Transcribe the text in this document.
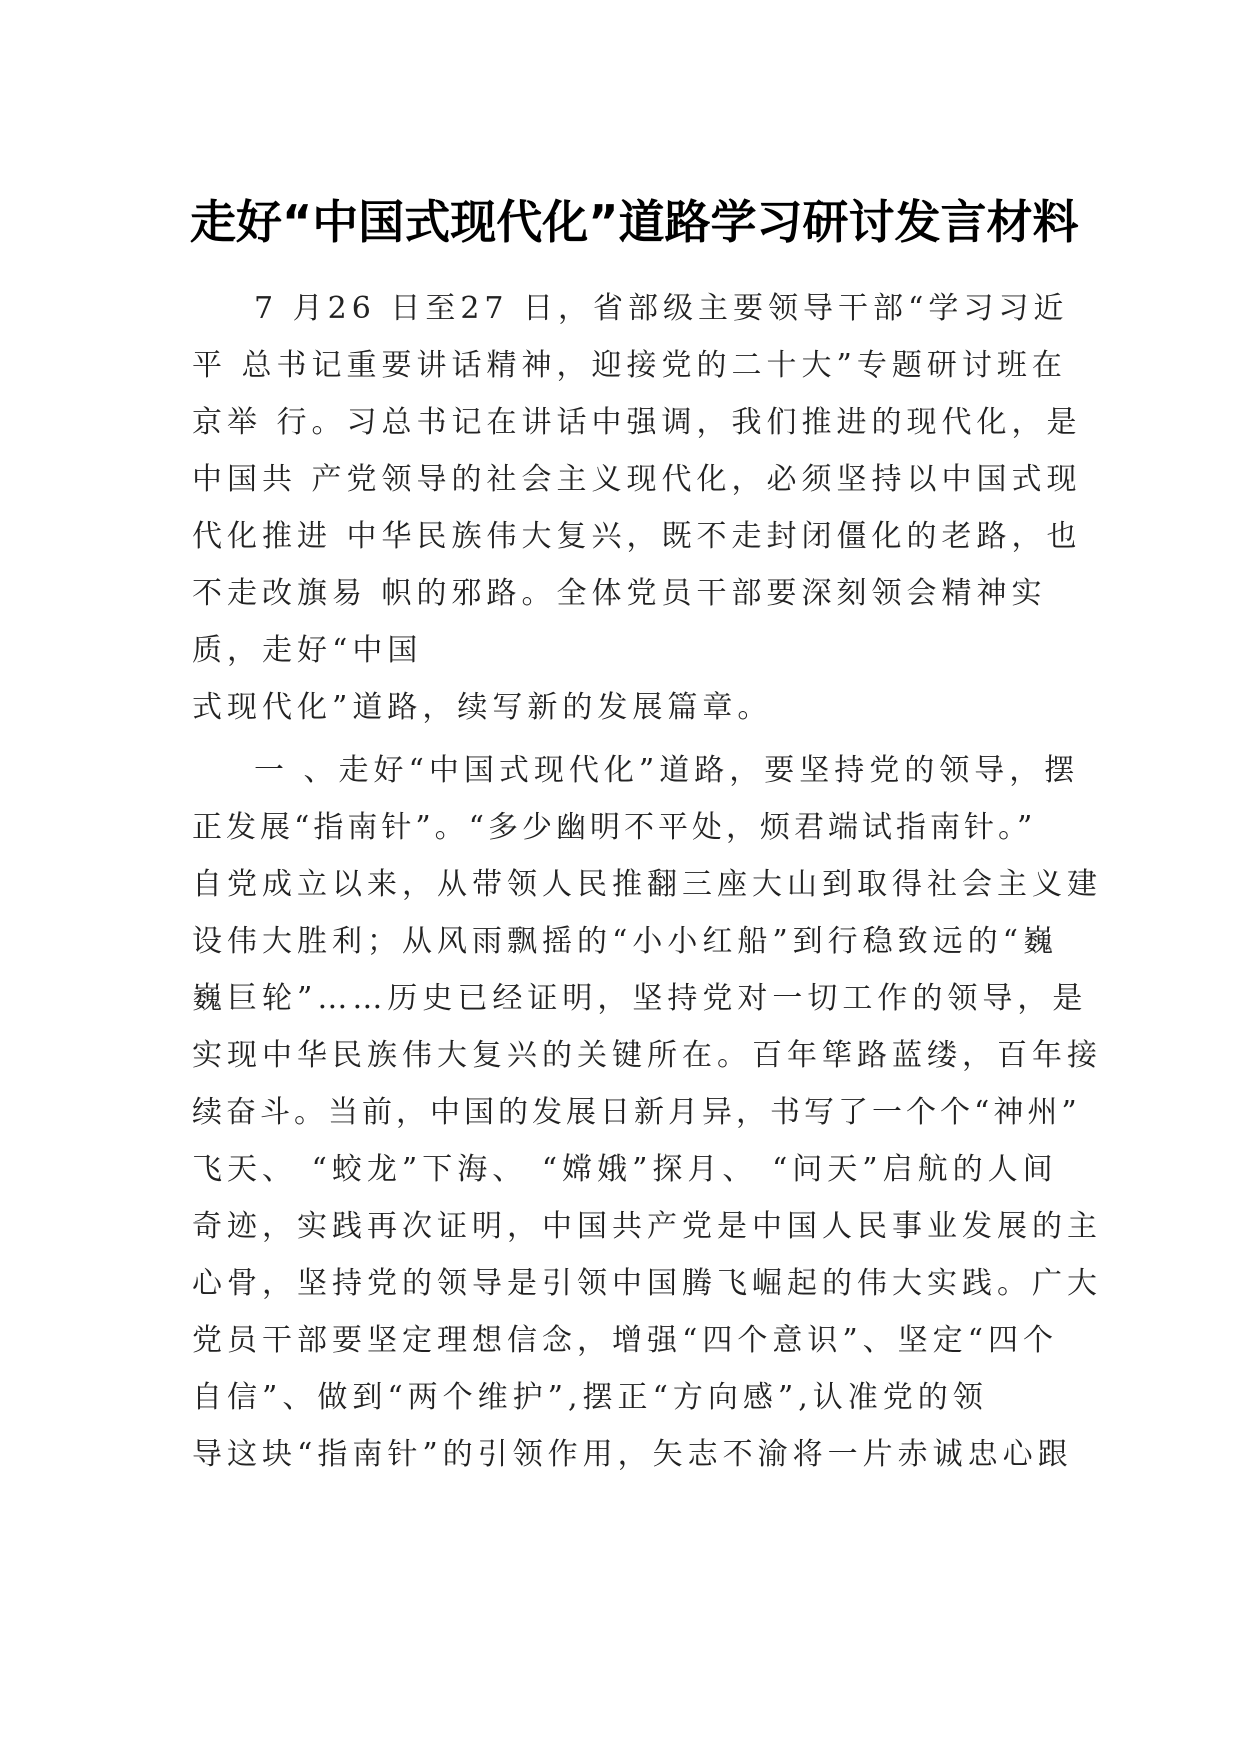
走好“中国式现代化”道路学习研讨发言材料
7 月26 日至27 日，省部级主要领导干部“学习习近
平 总书记重要讲话精神，迎接党的二十大”专题研讨班在
京举 行。习总书记在讲话中强调，我们推进的现代化，是
中国共 产党领导的社会主义现代化，必须坚持以中国式现
代化推进 中华民族伟大复兴，既不走封闭僵化的老路，也
不走改旗易 帜的邪路。全体党员干部要深刻领会精神实
质，走好“中国
式现代化”道路，续写新的发展篇章。
一 、走好“中国式现代化”道路，要坚持党的领导，摆
正发展“指南针”。“多少幽明不平处，烦君端试指南针。”
自党成立以来，从带领人民推翻三座大山到取得社会主义建
设伟大胜利；从风雨飘摇的“小小红船”到行稳致远的“巍
巍巨轮”……历史已经证明，坚持党对一切工作的领导，是
实现中华民族伟大复兴的关键所在。百年筚路蓝缕，百年接
续奋斗。当前，中国的发展日新月异，书写了一个个“神州”
飞天、 “蛟龙”下海、 “嫦娥”探月、 “问天”启航的人间
奇迹，实践再次证明，中国共产党是中国人民事业发展的主
心骨，坚持党的领导是引领中国腾飞崛起的伟大实践。广大
党员干部要坚定理想信念，增强“四个意识”、坚定“四个
自信”、做到“两个维护”,摆正“方向感”,认准党的领
导这块“指南针”的引领作用，矢志不渝将一片赤诚忠心跟
